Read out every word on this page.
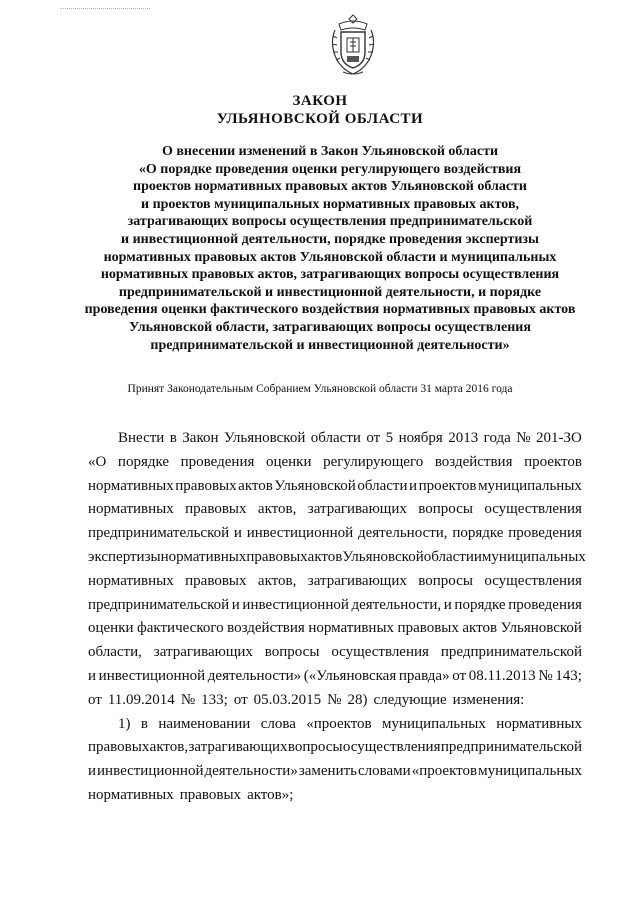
ЗАКОН
УЛЬЯНОВСКОЙ ОБЛАСТИ
О внесении изменений в Закон Ульяновской области
«О порядке проведения оценки регулирующего воздействия
проектов нормативных правовых актов Ульяновской области
и проектов муниципальных нормативных правовых актов,
затрагивающих вопросы осуществления предпринимательской
и инвестиционной деятельности, порядке проведения экспертизы
нормативных правовых актов Ульяновской области и муниципальных
нормативных правовых актов, затрагивающих вопросы осуществления
предпринимательской и инвестиционной деятельности, и порядке
проведения оценки фактического воздействия нормативных правовых актов
Ульяновской области, затрагивающих вопросы осуществления
предпринимательской и инвестиционной деятельности»
Принят Законодательным Собранием Ульяновской области 31 марта 2016 года
Внести в Закон Ульяновской области от 5 ноября 2013 года № 201-ЗО
«О порядке проведения оценки регулирующего воздействия проектов
нормативных правовых актов Ульяновской области и проектов муниципальных
нормативных правовых актов, затрагивающих вопросы осуществления
предпринимательской и инвестиционной деятельности, порядке проведения
экспертизы нормативных правовых актов Ульяновской области и муниципальных
нормативных правовых актов, затрагивающих вопросы осуществления
предпринимательской и инвестиционной деятельности, и порядке проведения
оценки фактического воздействия нормативных правовых актов Ульяновской
области, затрагивающих вопросы осуществления предпринимательской
и инвестиционной деятельности» («Ульяновская правда» от 08.11.2013 № 143;
от 11.09.2014 № 133; от 05.03.2015 № 28) следующие изменения:
1) в наименовании слова «проектов муниципальных нормативных
правовых актов, затрагивающих вопросы осуществления предпринимательской
и инвестиционной деятельности» заменить словами «проектов муниципальных
нормативных правовых актов»;
